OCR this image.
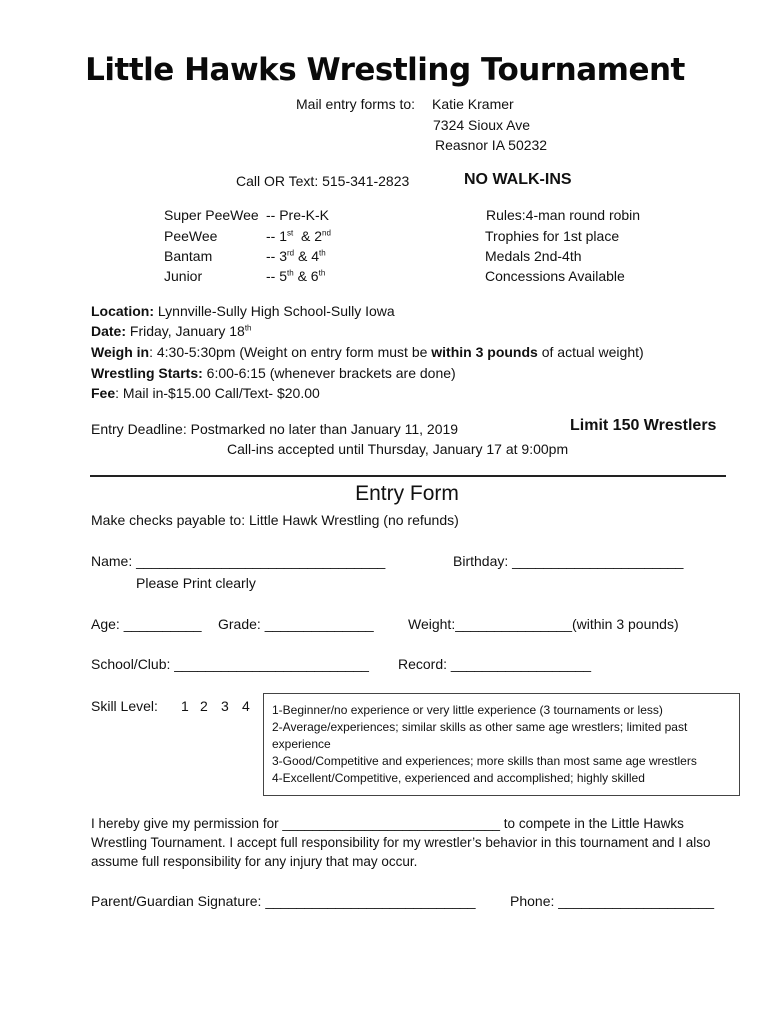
Little Hawks Wrestling Tournament
Mail entry forms to: Katie Kramer
7324 Sioux Ave
Reasnor IA 50232
Call OR Text: 515-341-2823	NO WALK-INS
Super PeeWee -- Pre-K-K
PeeWee	-- 1st & 2nd
Bantam	-- 3rd & 4th
Junior	-- 5th & 6th
Rules:4-man round robin
Trophies for 1st place
Medals 2nd-4th
Concessions Available
Location: Lynnville-Sully High School-Sully Iowa
Date: Friday, January 18th
Weigh in: 4:30-5:30pm (Weight on entry form must be within 3 pounds of actual weight)
Wrestling Starts: 6:00-6:15 (whenever brackets are done)
Fee: Mail in-$15.00 Call/Text- $20.00
Entry Deadline: Postmarked no later than January 11, 2019	Limit 150 Wrestlers
Call-ins accepted until Thursday, January 17 at 9:00pm
Entry Form
Make checks payable to: Little Hawk Wrestling (no refunds)
Name: ________________________________	Birthday: ______________________
Please Print clearly
Age: __________ Grade: ______________ Weight:_______________(within 3 pounds)
School/Club: _________________________ Record: __________________
Skill Level: 1 2 3 4 1-Beginner/no experience or very little experience (3 tournaments or less)
2-Average/experiences; similar skills as other same age wrestlers; limited past experience
3-Good/Competitive and experiences; more skills than most same age wrestlers
4-Excellent/Competitive, experienced and accomplished; highly skilled
I hereby give my permission for _____________________________ to compete in the Little Hawks Wrestling Tournament. I accept full responsibility for my wrestler’s behavior in this tournament and I also assume full responsibility for any injury that may occur.
Parent/Guardian Signature: ___________________________ Phone: ____________________
